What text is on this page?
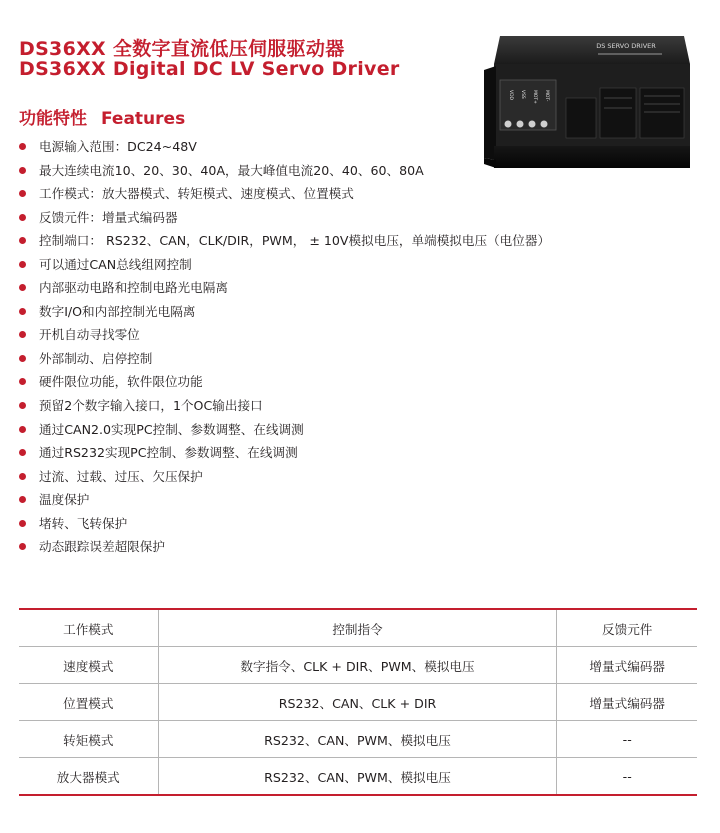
DS36XX 全数字直流低压伺服驱动器
DS36XX Digital DC LV Servo Driver
功能特性 Features
DS SERVO DRIVER
VDD VSS MOT+ MOT-
电源输入范围：DC24~48V
最大连续电流10、20、30、40A，最大峰值电流20、40、60、80A
工作模式：放大器模式、转矩模式、速度模式、位置模式
反馈元件：增量式编码器
控制端口： RS232、CAN，CLK/DIR，PWM， ± 10V模拟电压，单端模拟电压（电位器）
可以通过CAN总线组网控制
内部驱动电路和控制电路光电隔离
数字I/O和内部控制光电隔离
开机自动寻找零位
外部制动、启停控制
硬件限位功能，软件限位功能
预留2个数字输入接口，1个OC输出接口
通过CAN2.0实现PC控制、参数调整、在线调测
通过RS232实现PC控制、参数调整、在线调测
过流、过载、过压、欠压保护
温度保护
堵转、飞转保护
动态跟踪误差超限保护
工作模式	控制指令	反馈元件
速度模式	数字指令、CLK + DIR、PWM、模拟电压	增量式编码器
位置模式	RS232、CAN、CLK + DIR	增量式编码器
转矩模式	RS232、CAN、PWM、模拟电压	--
放大器模式	RS232、CAN、PWM、模拟电压	--
